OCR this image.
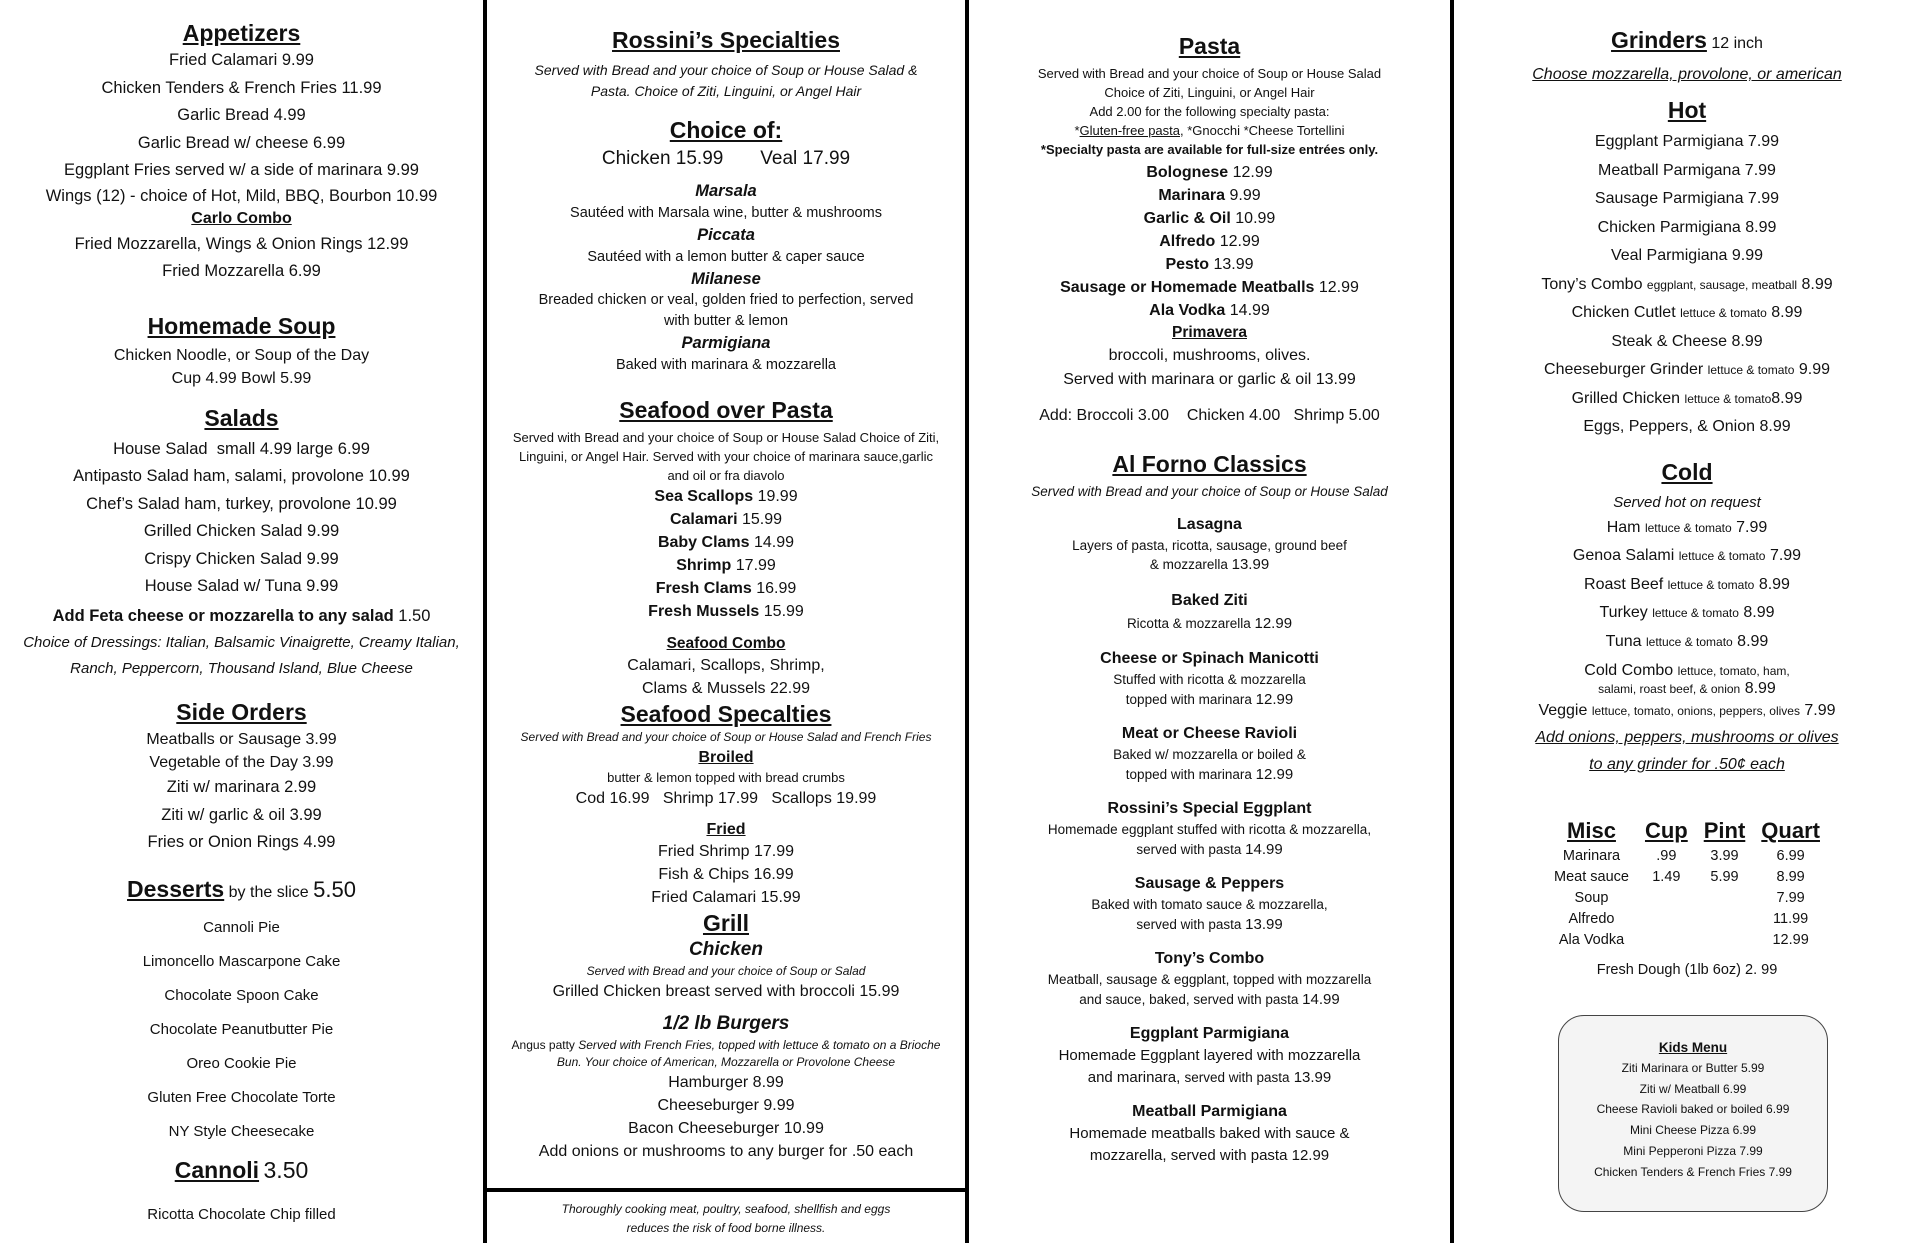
Appetizers

Fried Calamari 9.99

Chicken Tenders & French Fries 11.99

Garlic Bread 4.99

Garlic Bread w/ cheese 6.99

Eggplant Fries served w/ a side of marinara 9.99

Wings (12) - choice of Hot, Mild, BBQ, Bourbon 10.99

Carlo Combo

Fried Mozzarella, Wings & Onion Rings 12.99

Fried Mozzarella 6.99

Homemade Soup

Chicken Noodle, or Soup of the Day

Cup 4.99 Bowl 5.99

Salads

House Salad small 4.99 large 6.99

Antipasto Salad ham, salami, provolone 10.99

Chef’s Salad ham, turkey, provolone 10.99

Grilled Chicken Salad 9.99

Crispy Chicken Salad 9.99

House Salad w/ Tuna 9.99

Add Feta cheese or mozzarella to any salad 1.50

Choice of Dressings: Italian, Balsamic Vinaigrette, Creamy Italian, Ranch, Peppercorn, Thousand Island, Blue Cheese

Side Orders

Meatballs or Sausage 3.99

Vegetable of the Day 3.99

Ziti w/ marinara 2.99

Ziti w/ garlic & oil 3.99

Fries or Onion Rings 4.99

Desserts by the slice 5.50

Cannoli Pie

Limoncello Mascarpone Cake

Chocolate Spoon Cake

Chocolate Peanutbutter Pie

Oreo Cookie Pie

Gluten Free Chocolate Torte

NY Style Cheesecake

Cannoli 3.50

Ricotta Chocolate Chip filled

Rossini’s Specialties

Served with Bread and your choice of Soup or House Salad & Pasta. Choice of Ziti, Linguini, or Angel Hair

Choice of:

Chicken 15.99 Veal 17.99

Marsala

Sautéed with Marsala wine, butter & mushrooms

Piccata

Sautéed with a lemon butter & caper sauce

Milanese

Breaded chicken or veal, golden fried to perfection, served with butter & lemon

Parmigiana

Baked with marinara & mozzarella

Seafood over Pasta

Served with Bread and your choice of Soup or House Salad Choice of Ziti, Linguini, or Angel Hair. Served with your choice of marinara sauce,garlic and oil or fra diavolo

Sea Scallops 19.99

Calamari 15.99

Baby Clams 14.99

Shrimp 17.99

Fresh Clams 16.99

Fresh Mussels 15.99

Seafood Combo

Calamari, Scallops, Shrimp,

Clams & Mussels 22.99

Seafood Specalties

Served with Bread and your choice of Soup or House Salad and French Fries

Broiled

butter & lemon topped with bread crumbs

Cod 16.99   Shrimp 17.99   Scallops 19.99

Fried

Fried Shrimp 17.99

Fish & Chips 16.99

Fried Calamari 15.99

Grill

Chicken

Served with Bread and your choice of Soup or Salad

Grilled Chicken breast served with broccoli 15.99

1/2 lb Burgers

Angus patty Served with French Fries, topped with lettuce & tomato on a Brioche Bun. Your choice of American, Mozzarella or Provolone Cheese

Hamburger 8.99

Cheeseburger 9.99

Bacon Cheeseburger 10.99

Add onions or mushrooms to any burger for .50 each

Thoroughly cooking meat, poultry, seafood, shellfish and eggs reduces the risk of food borne illness.

Pasta

Served with Bread and your choice of Soup or House Salad

Choice of Ziti, Linguini, or Angel Hair

Add 2.00 for the following specialty pasta:

*Gluten-free pasta, *Gnocchi *Cheese Tortellini

*Specialty pasta are available for full-size entrées only.

Bolognese 12.99

Marinara 9.99

Garlic & Oil 10.99

Alfredo 12.99

Pesto 13.99

Sausage or Homemade Meatballs 12.99

Ala Vodka 14.99

Primavera

broccoli, mushrooms, olives.

Served with marinara or garlic & oil 13.99

Add: Broccoli 3.00    Chicken 4.00   Shrimp 5.00

Al Forno Classics

Served with Bread and your choice of Soup or House Salad

Lasagna

Layers of pasta, ricotta, sausage, ground beef

& mozzarella 13.99

Baked Ziti

Ricotta & mozzarella 12.99

Cheese or Spinach Manicotti

Stuffed with ricotta & mozzarella

topped with marinara 12.99

Meat or Cheese Ravioli

Baked w/ mozzarella or boiled &

topped with marinara 12.99

Rossini’s Special Eggplant

Homemade eggplant stuffed with ricotta & mozzarella,

served with pasta 14.99

Sausage & Peppers

Baked with tomato sauce & mozzarella,

served with pasta 13.99

Tony’s Combo

Meatball, sausage & eggplant, topped with mozzarella

and sauce, baked, served with pasta 14.99

Eggplant Parmigiana

Homemade Eggplant layered with mozzarella

and marinara, served with pasta 13.99

Meatball Parmigiana

Homemade meatballs baked with sauce &

mozzarella, served with pasta 12.99

Grinders 12 inch

Choose mozzarella, provolone, or american

Hot

Eggplant Parmigiana 7.99

Meatball Parmigana 7.99

Sausage Parmigiana 7.99

Chicken Parmigiana 8.99

Veal Parmigiana 9.99

Tony’s Combo eggplant, sausage, meatball 8.99

Chicken Cutlet lettuce & tomato 8.99

Steak & Cheese 8.99

Cheeseburger Grinder lettuce & tomato 9.99

Grilled Chicken lettuce & tomato8.99

Eggs, Peppers, & Onion 8.99

Cold

Served hot on request

Ham lettuce & tomato 7.99

Genoa Salami lettuce & tomato 7.99

Roast Beef lettuce & tomato 8.99

Turkey lettuce & tomato 8.99

Tuna lettuce & tomato 8.99

Cold Combo lettuce, tomato, ham,

salami, roast beef, & onion 8.99

Veggie lettuce, tomato, onions, peppers, olives 7.99

Add onions, peppers, mushrooms or olives

to any grinder for .50¢ each

Misc	Cup	Pint	Quart
Marinara	.99	3.99	6.99
Meat sauce	1.49	5.99	8.99
Soup			7.99
Alfredo			11.99
Ala Vodka			12.99

Fresh Dough (1lb 6oz) 2. 99

Kids Menu
Ziti Marinara or Butter 5.99
Ziti w/ Meatball 6.99
Cheese Ravioli baked or boiled 6.99
Mini Cheese Pizza 6.99
Mini Pepperoni Pizza 7.99
Chicken Tenders & French Fries 7.99
